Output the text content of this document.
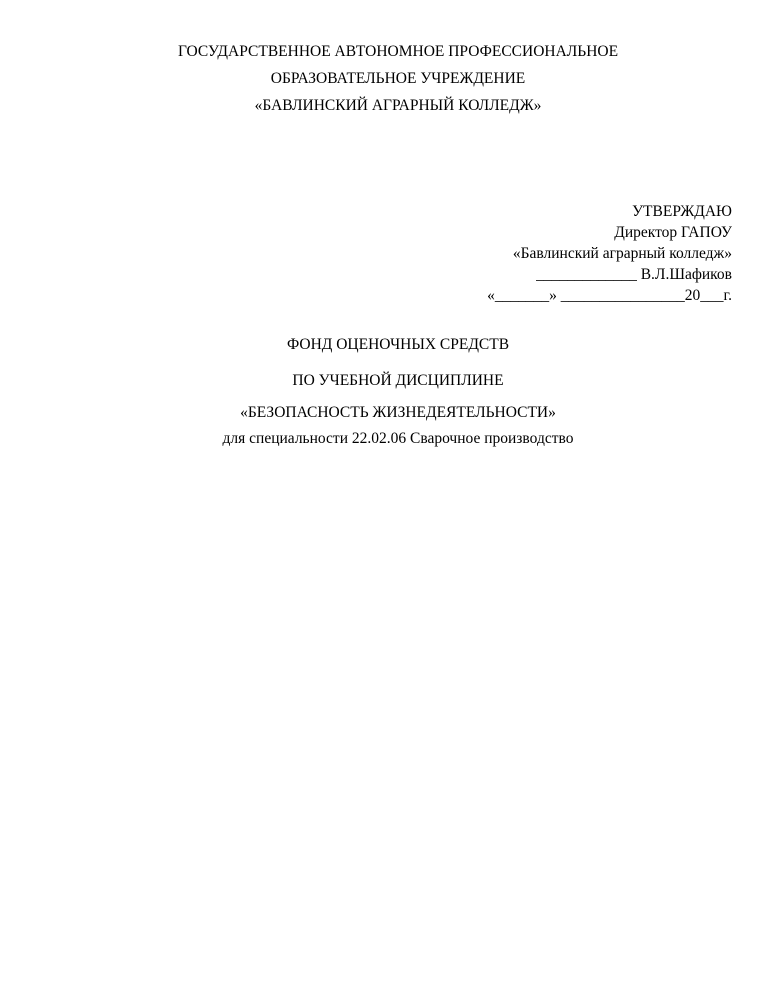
ГОСУДАРСТВЕННОЕ АВТОНОМНОЕ ПРОФЕССИОНАЛЬНОЕ
ОБРАЗОВАТЕЛЬНОЕ УЧРЕЖДЕНИЕ
«БАВЛИНСКИЙ АГРАРНЫЙ КОЛЛЕДЖ»
УТВЕРЖДАЮ
Директор ГАПОУ
«Бавлинский аграрный колледж»
_____________ В.Л.Шафиков
«_______» ________________20___г.
ФОНД ОЦЕНОЧНЫХ СРЕДСТВ
ПО УЧЕБНОЙ ДИСЦИПЛИНЕ
«БЕЗОПАСНОСТЬ ЖИЗНЕДЕЯТЕЛЬНОСТИ»
для специальности 22.02.06 Сварочное производство
